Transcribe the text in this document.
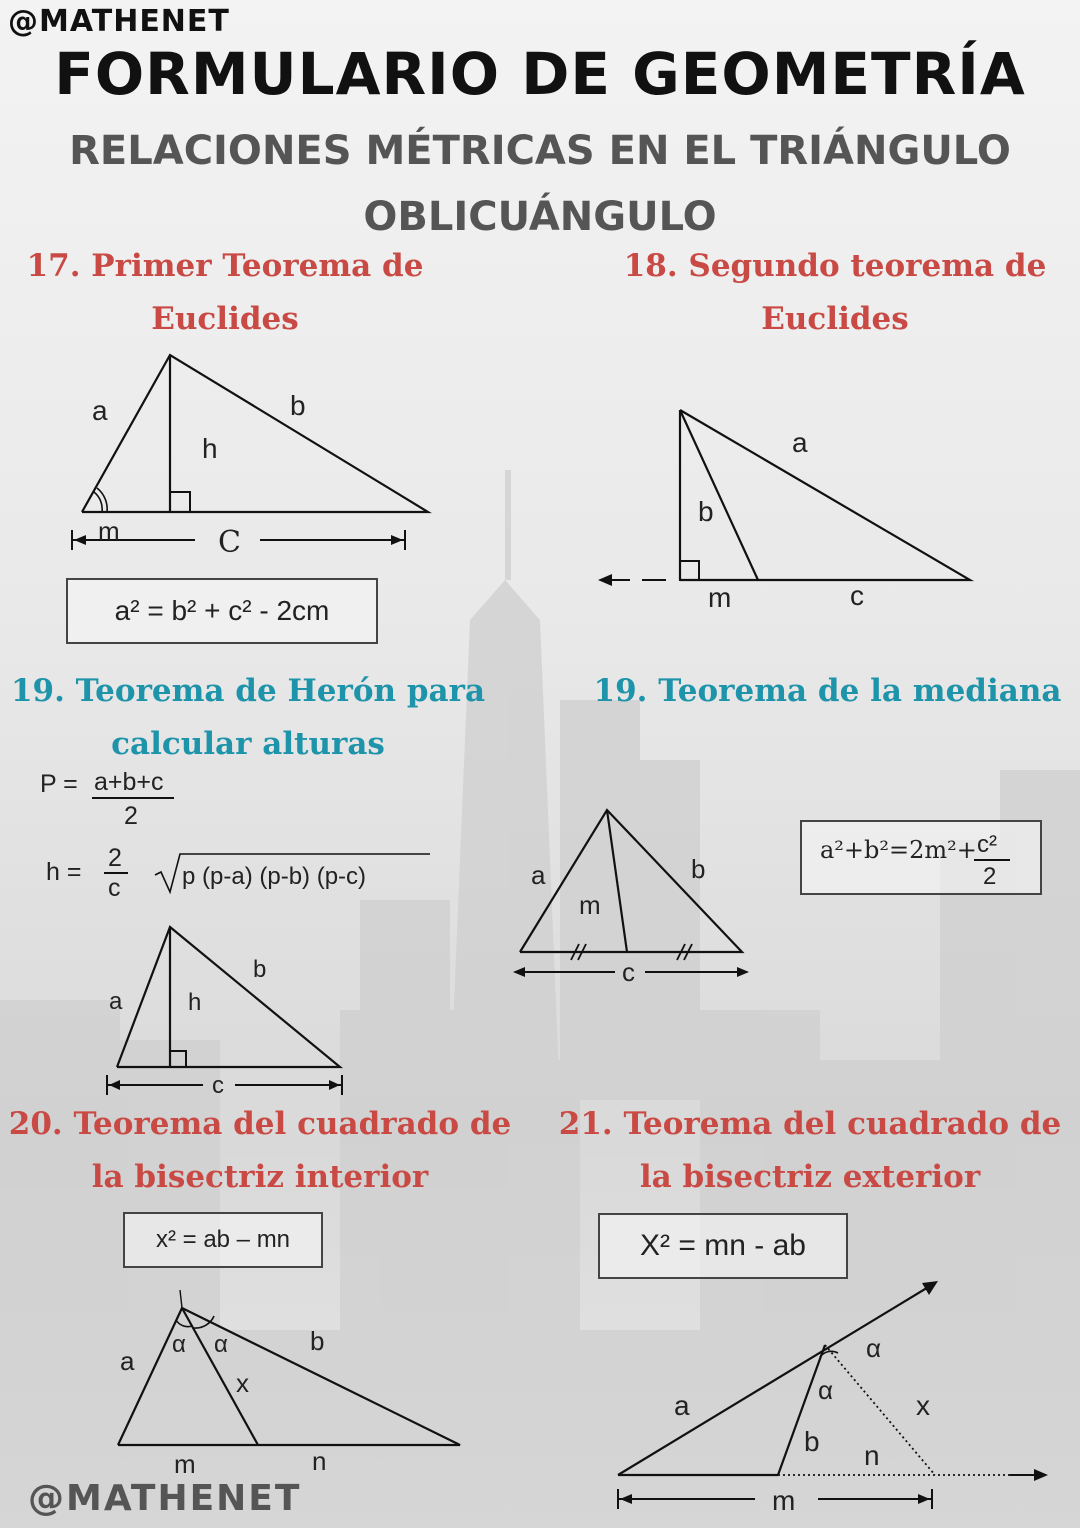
@MATHENET
FORMULARIO DE GEOMETRÍA
RELACIONES MÉTRICAS EN EL TRIÁNGULO
OBLICUÁNGULO
17. Primer Teorema de
Euclides
a	b
h
m	C
a² = b² + c² - 2cm
18. Segundo teorema de
Euclides
a
b
m	c
19. Teorema de Herón para
calcular alturas
P = a+b+c
2
h = 2
c	p (p-a) (p-b) (p-c)
a
b
h
c
19. Teorema de la mediana
a	b
m
c
a²+b²=2m²+ c²
2
20. Teorema del cuadrado de
la bisectriz interior
x² = ab – mn
α α
a
b
x
m	n
21. Teorema del cuadrado de
la bisectriz exterior
X² = mn - ab
α
α
a
b
x
n
m
@MATHENET
